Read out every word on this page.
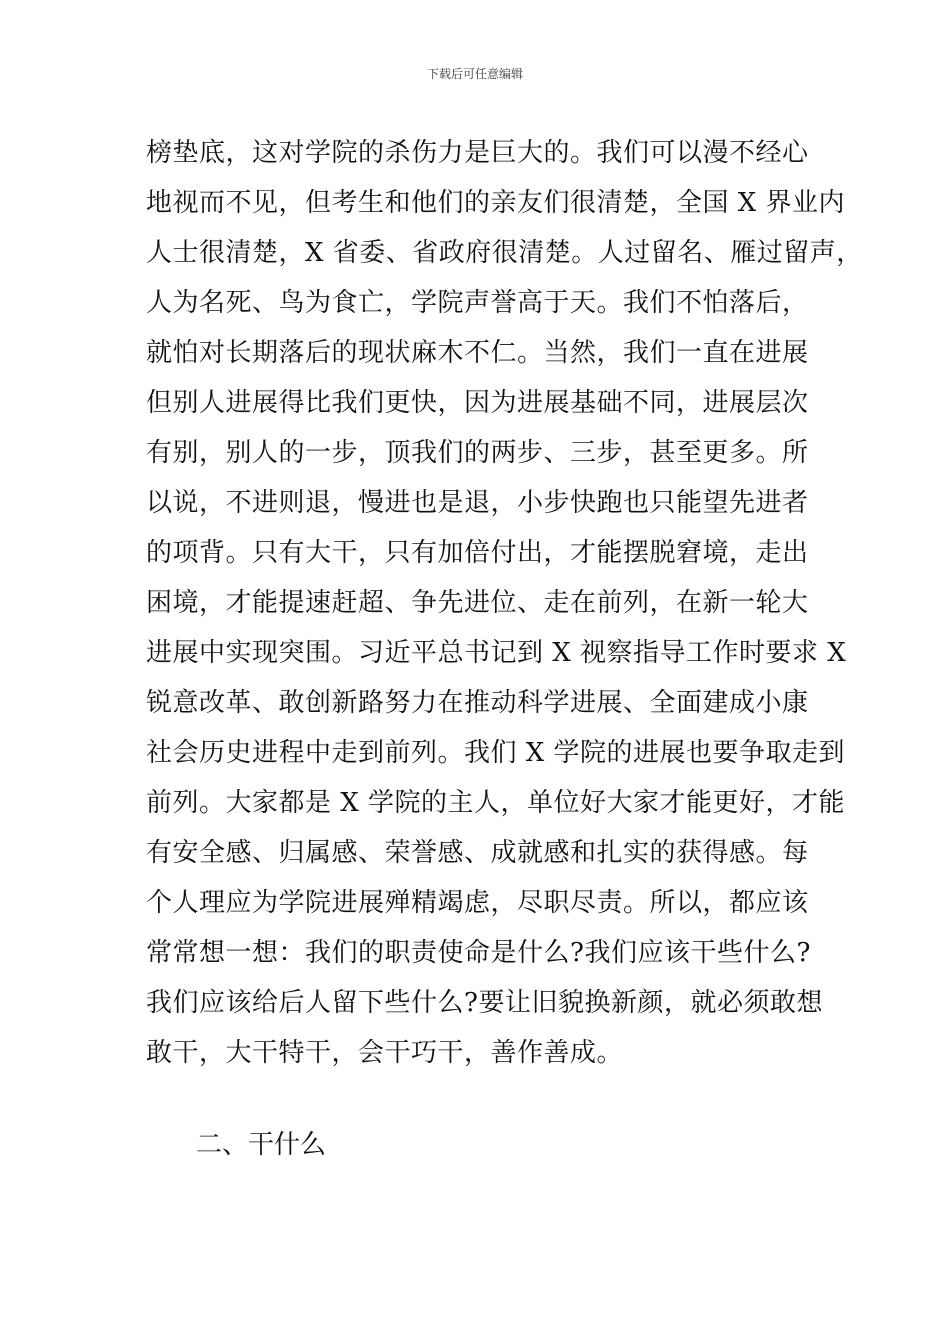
下载后可任意编辑
榜垫底，这对学院的杀伤力是巨大的。我们可以漫不经心
地视而不见，但考生和他们的亲友们很清楚，全国 X 界业内
人士很清楚，X 省委、省政府很清楚。人过留名、雁过留声，
人为名死、鸟为食亡，学院声誉高于天。我们不怕落后，
就怕对长期落后的现状麻木不仁。当然，我们一直在进展
但别人进展得比我们更快，因为进展基础不同，进展层次
有别，别人的一步，顶我们的两步、三步，甚至更多。所
以说，不进则退，慢进也是退，小步快跑也只能望先进者
的项背。只有大干，只有加倍付出，才能摆脱窘境，走出
困境，才能提速赶超、争先进位、走在前列，在新一轮大
进展中实现突围。习近平总书记到 X 视察指导工作时要求 X
锐意改革、敢创新路努力在推动科学进展、全面建成小康
社会历史进程中走到前列。我们 X 学院的进展也要争取走到
前列。大家都是 X 学院的主人，单位好大家才能更好，才能
有安全感、归属感、荣誉感、成就感和扎实的获得感。每
个人理应为学院进展殚精竭虑，尽职尽责。所以，都应该
常常想一想：我们的职责使命是什么?我们应该干些什么?
我们应该给后人留下些什么?要让旧貌换新颜，就必须敢想
敢干，大干特干，会干巧干，善作善成。
二、干什么
